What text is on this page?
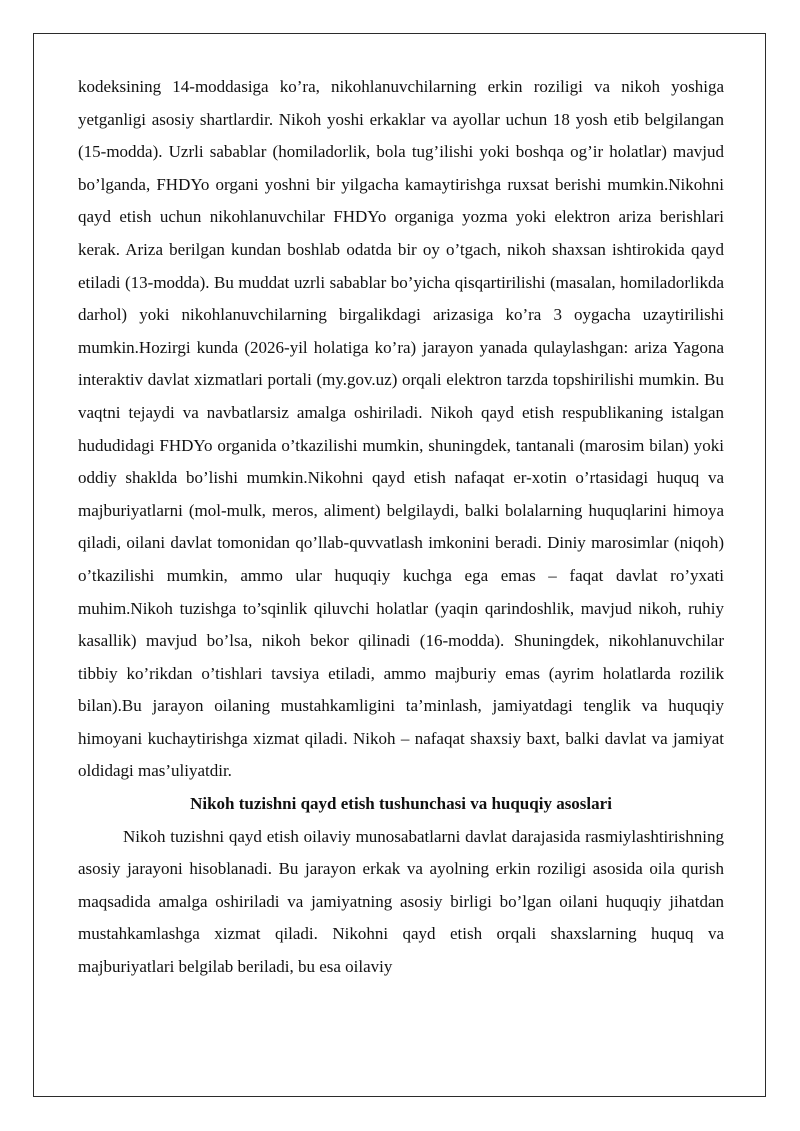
kodeksining 14-moddasiga ko’ra, nikohlanuvchilarning erkin roziligi va nikoh yoshiga yetganligi asosiy shartlardir. Nikoh yoshi erkaklar va ayollar uchun 18 yosh etib belgilangan (15-modda). Uzrli sabablar (homiladorlik, bola tug’ilishi yoki boshqa og’ir holatlar) mavjud bo’lganda, FHDYo organi yoshni bir yilgacha kamaytirishga ruxsat berishi mumkin.Nikohni qayd etish uchun nikohlanuvchilar FHDYo organiga yozma yoki elektron ariza berishlari kerak. Ariza berilgan kundan boshlab odatda bir oy o’tgach, nikoh shaxsan ishtirokida qayd etiladi (13-modda). Bu muddat uzrli sabablar bo’yicha qisqartirilishi (masalan, homiladorlikda darhol) yoki nikohlanuvchilarning birgalikdagi arizasiga ko’ra 3 oygacha uzaytirilishi mumkin.Hozirgi kunda (2026-yil holatiga ko’ra) jarayon yanada qulaylashgan: ariza Yagona interaktiv davlat xizmatlari portali (my.gov.uz) orqali elektron tarzda topshirilishi mumkin. Bu vaqtni tejaydi va navbatlarsiz amalga oshiriladi. Nikoh qayd etish respublikaning istalgan hududidagi FHDYo organida o’tkazilishi mumkin, shuningdek, tantanali (marosim bilan) yoki oddiy shaklda bo’lishi mumkin.Nikohni qayd etish nafaqat er-xotin o’rtasidagi huquq va majburiyatlarni (mol-mulk, meros, aliment) belgilaydi, balki bolalarning huquqlarini himoya qiladi, oilani davlat tomonidan qo’llab-quvvatlash imkonini beradi. Diniy marosimlar (niqoh) o’tkazilishi mumkin, ammo ular huquqiy kuchga ega emas – faqat davlat ro’yxati muhim.Nikoh tuzishga to’sqinlik qiluvchi holatlar (yaqin qarindoshlik, mavjud nikoh, ruhiy kasallik) mavjud bo’lsa, nikoh bekor qilinadi (16-modda). Shuningdek, nikohlanuvchilar tibbiy ko’rikdan o’tishlari tavsiya etiladi, ammo majburiy emas (ayrim holatlarda rozilik bilan).Bu jarayon oilaning mustahkamligini ta’minlash, jamiyatdagi tenglik va huquqiy himoyani kuchaytirishga xizmat qiladi. Nikoh – nafaqat shaxsiy baxt, balki davlat va jamiyat oldidagi mas’uliyatdir.

Nikoh tuzishni qayd etish tushunchasi va huquqiy asoslari

Nikoh tuzishni qayd etish oilaviy munosabatlarni davlat darajasida rasmiylashtirishning asosiy jarayoni hisoblanadi. Bu jarayon erkak va ayolning erkin roziligi asosida oila qurish maqsadida amalga oshiriladi va jamiyatning asosiy birligi bo’lgan oilani huquqiy jihatdan mustahkamlashga xizmat qiladi. Nikohni qayd etish orqali shaxslarning huquq va majburiyatlari belgilab beriladi, bu esa oilaviy
